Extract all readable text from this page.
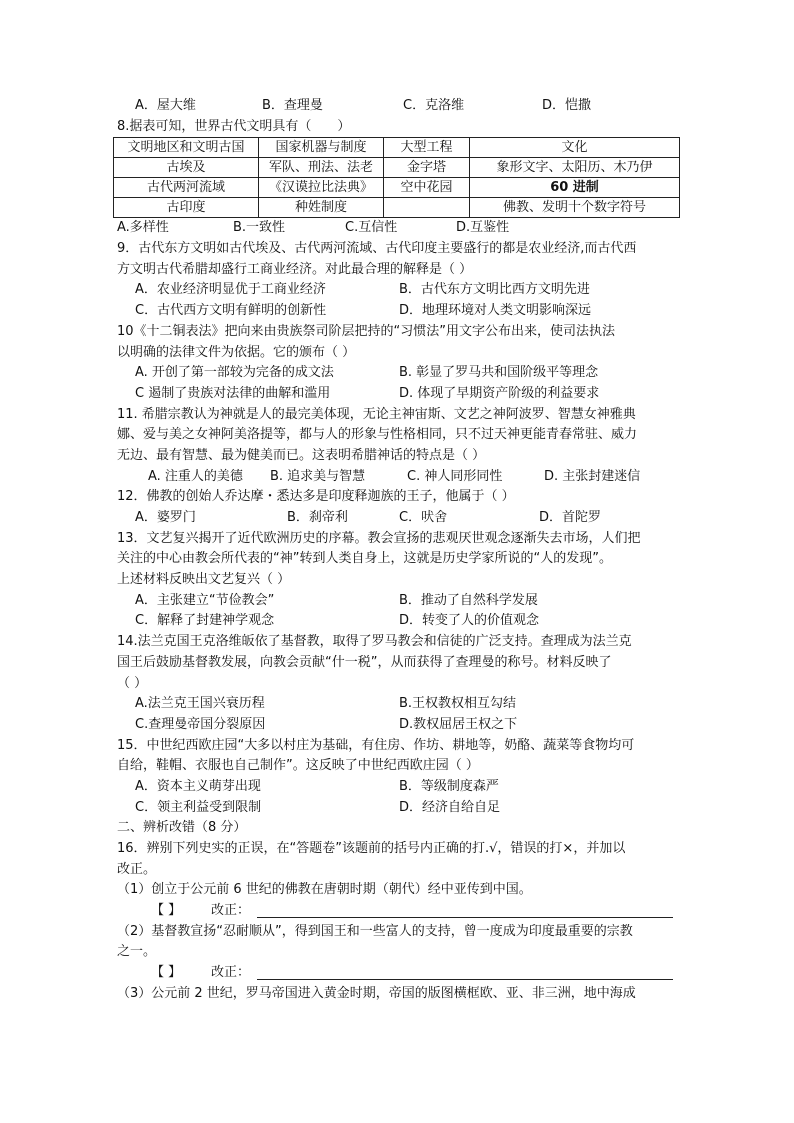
A．屋大维	B．查理曼	C．克洛维	D．恺撒
8.据表可知，世界古代文明具有（　　）
文明地区和文明古国	国家机器与制度	大型工程	文化
古埃及	军队、刑法、法老	金字塔	象形文字、太阳历、木乃伊
古代两河流域	《汉谟拉比法典》	空中花园	60 进制
古印度	种姓制度		佛教、发明十个数字符号
A.多样性	B.一致性	C.互信性	D.互鉴性
9．古代东方文明如古代埃及、古代两河流域、古代印度主要盛行的都是农业经济,而古代西
方文明古代希腊却盛行工商业经济。对此最合理的解释是（ ）
A．农业经济明显优于工商业经济	B．古代东方文明比西方文明先进
C．古代西方文明有鲜明的创新性	D．地理环境对人类文明影响深远
10《十二铜表法》把向来由贵族祭司阶层把持的“习惯法”用文字公布出来，使司法执法
以明确的法律文件为依据。它的颁布（ ）
A. 开创了第一部较为完备的成文法	B. 彰显了罗马共和国阶级平等理念
C 遏制了贵族对法律的曲解和滥用	D. 体现了早期资产阶级的利益要求
11. 希腊宗教认为神就是人的最完美体现，无论主神宙斯、文艺之神阿波罗、智慧女神雅典
娜、爱与美之女神阿美洛提等，都与人的形象与性格相同，只不过天神更能青春常驻、威力
无边、最有智慧、最为健美而已。这表明希腊神话的特点是（ ）
A. 注重人的美德 B. 追求美与智慧	C. 神人同形同性	D. 主张封建迷信
12．佛教的创始人乔达摩・悉达多是印度释迦族的王子，他属于（ ）
A．婆罗门	B．刹帝利	C．吠舍	D．首陀罗
13．文艺复兴揭开了近代欧洲历史的序幕。教会宣扬的悲观厌世观念逐渐失去市场，人们把
关注的中心由教会所代表的“神”转到人类自身上，这就是历史学家所说的“人的发现”。
上述材料反映出文艺复兴（ ）
A．主张建立“节俭教会”	B．推动了自然科学发展
C．解释了封建神学观念	D．转变了人的价值观念
14.法兰克国王克洛维皈依了基督教，取得了罗马教会和信徒的广泛支持。查理成为法兰克
国王后鼓励基督教发展，向教会贡献“什一税”，从而获得了查理曼的称号。材料反映了
（ ）
A.法兰克王国兴衰历程	B.王权教权相互勾结
C.查理曼帝国分裂原因	D.教权屈居王权之下
15．中世纪西欧庄园“大多以村庄为基础，有住房、作坊、耕地等，奶酪、蔬菜等食物均可
自给，鞋帽、衣服也自己制作”。这反映了中世纪西欧庄园（ ）
A．资本主义萌芽出现	B．等级制度森严
C．领主利益受到限制	D．经济自给自足
二、辨析改错（8 分）
16．辨别下列史实的正误，在“答题卷”该题前的括号内正确的打.√，错误的打×，并加以
改正。
（1）创立于公元前 6 世纪的佛教在唐朝时期（朝代）经中亚传到中国。
【 】 改正：
（2）基督教宣扬“忍耐顺从”，得到国王和一些富人的支持，曾一度成为印度最重要的宗教
之一。
【 】 改正：
（3）公元前 2 世纪，罗马帝国进入黄金时期，帝国的版图横框欧、亚、非三洲，地中海成
